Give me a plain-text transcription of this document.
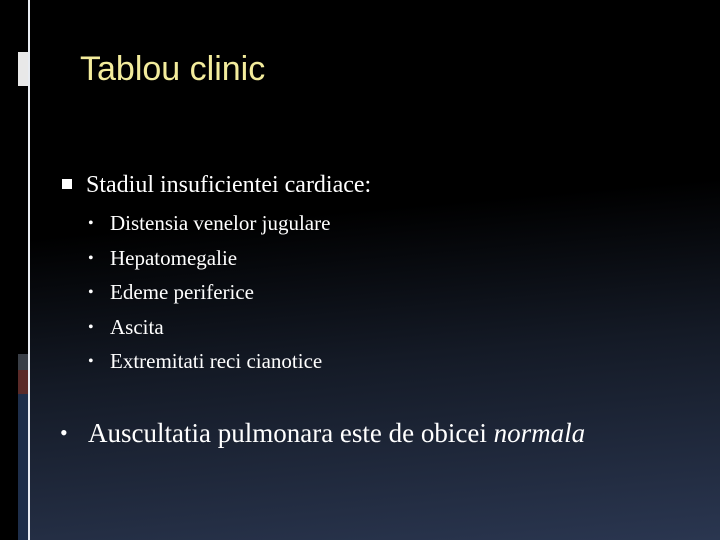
Tablou clinic
Stadiul insuficientei cardiace:
• Distensia venelor jugulare
• Hepatomegalie
• Edeme periferice
• Ascita
• Extremitati reci cianotice
• Auscultatia pulmonara este de obicei normala
